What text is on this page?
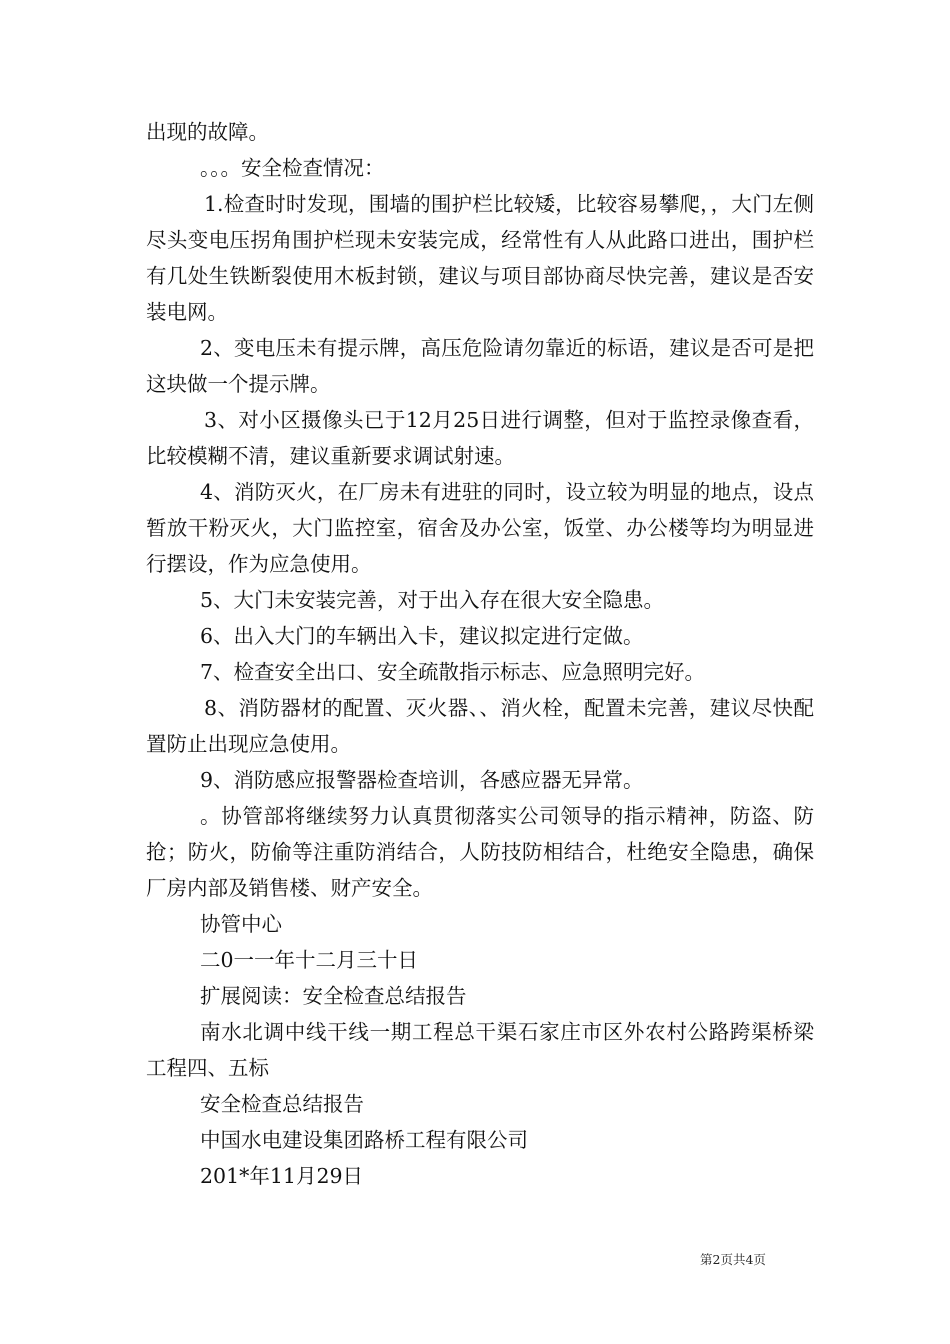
出现的故障。

。。。安全检查情况：

1.检查时时发现，围墙的围护栏比较矮，比较容易攀爬，，大门左侧尽头变电压拐角围护栏现未安装完成，经常性有人从此路口进出，围护栏有几处生铁断裂使用木板封锁，建议与项目部协商尽快完善，建议是否安装电网。

2、变电压未有提示牌，高压危险请勿靠近的标语，建议是否可是把这块做一个提示牌。

3、对小区摄像头已于12月25日进行调整，但对于监控录像查看，比较模糊不清，建议重新要求调试射速。

4、消防灭火，在厂房未有进驻的同时，设立较为明显的地点，设点暂放干粉灭火，大门监控室，宿舍及办公室，饭堂、办公楼等均为明显进行摆设，作为应急使用。

5、大门未安装完善，对于出入存在很大安全隐患。

6、出入大门的车辆出入卡，建议拟定进行定做。

7、检查安全出口、安全疏散指示标志、应急照明完好。

8、消防器材的配置、灭火器、、消火栓，配置未完善，建议尽快配置防止出现应急使用。

9、消防感应报警器检查培训，各感应器无异常。

。协管部将继续努力认真贯彻落实公司领导的指示精神，防盗、防抢；防火，防偷等注重防消结合，人防技防相结合，杜绝安全隐患，确保厂房内部及销售楼、财产安全。

协管中心

二0一一年十二月三十日

扩展阅读：安全检查总结报告

南水北调中线干线一期工程总干渠石家庄市区外农村公路跨渠桥梁工程四、五标

安全检查总结报告

中国水电建设集团路桥工程有限公司

201*年11月29日

第2页共4页
